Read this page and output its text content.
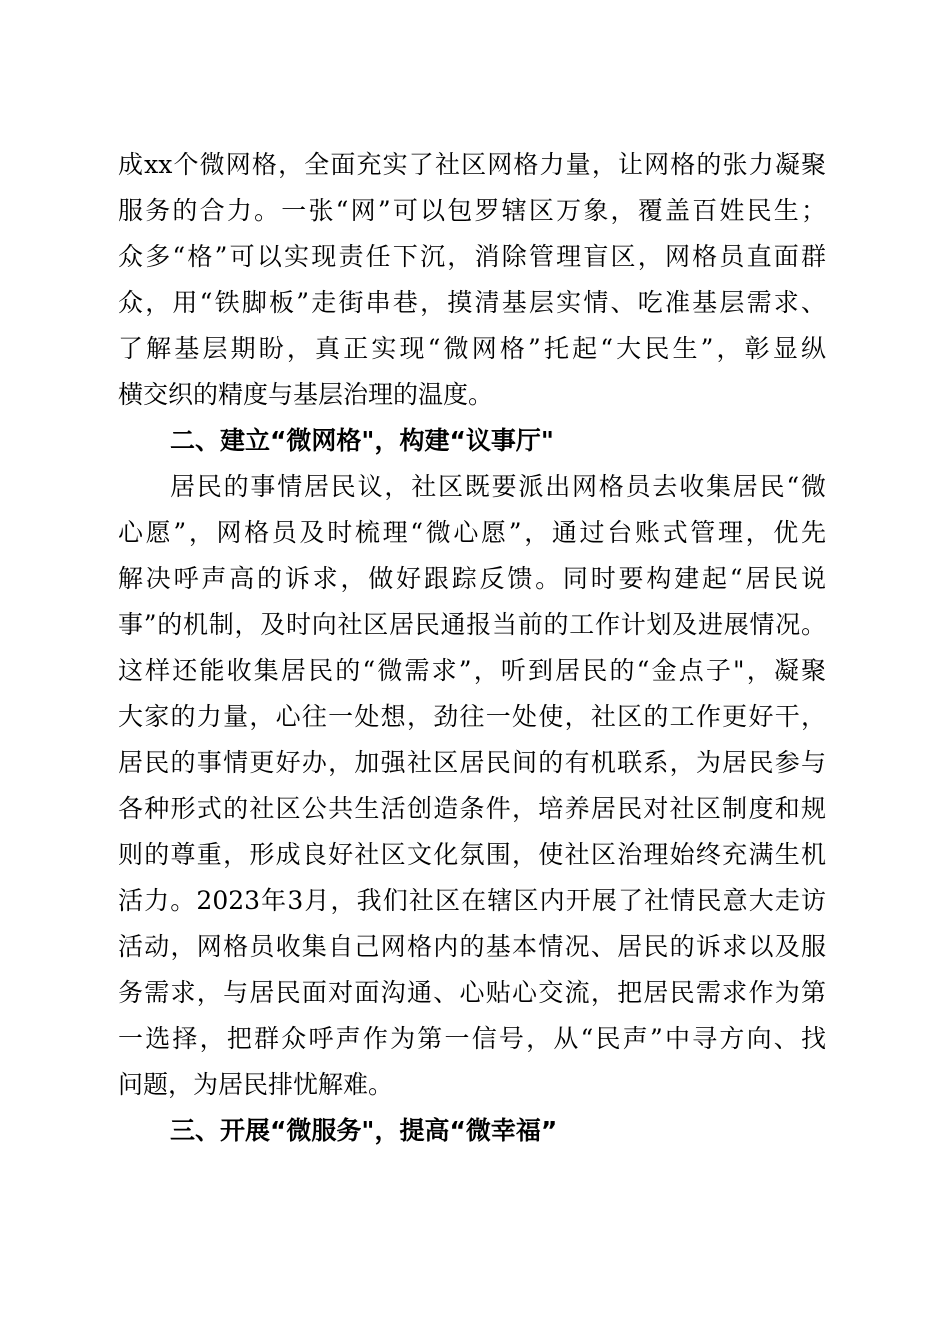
成xx个微网格，全面充实了社区网格力量，让网格的张力凝聚
服务的合力。一张“网”可以包罗辖区万象，覆盖百姓民生；
众多“格”可以实现责任下沉，消除管理盲区，网格员直面群
众，用“铁脚板”走街串巷，摸清基层实情、吃准基层需求、
了解基层期盼，真正实现“微网格”托起“大民生”，彰显纵
横交织的精度与基层治理的温度。
二、建立“微网格"，构建“议事厅"
居民的事情居民议，社区既要派出网格员去收集居民“微
心愿”，网格员及时梳理“微心愿”，通过台账式管理，优先
解决呼声高的诉求，做好跟踪反馈。同时要构建起“居民说
事”的机制，及时向社区居民通报当前的工作计划及进展情况。
这样还能收集居民的“微需求”，听到居民的“金点子"，凝聚
大家的力量，心往一处想，劲往一处使，社区的工作更好干，
居民的事情更好办，加强社区居民间的有机联系，为居民参与
各种形式的社区公共生活创造条件，培养居民对社区制度和规
则的尊重，形成良好社区文化氛围，使社区治理始终充满生机
活力。2023年3月，我们社区在辖区内开展了社情民意大走访
活动，网格员收集自己网格内的基本情况、居民的诉求以及服
务需求，与居民面对面沟通、心贴心交流，把居民需求作为第
一选择，把群众呼声作为第一信号，从“民声”中寻方向、找
问题，为居民排忧解难。
三、开展“微服务"，提高“微幸福”
